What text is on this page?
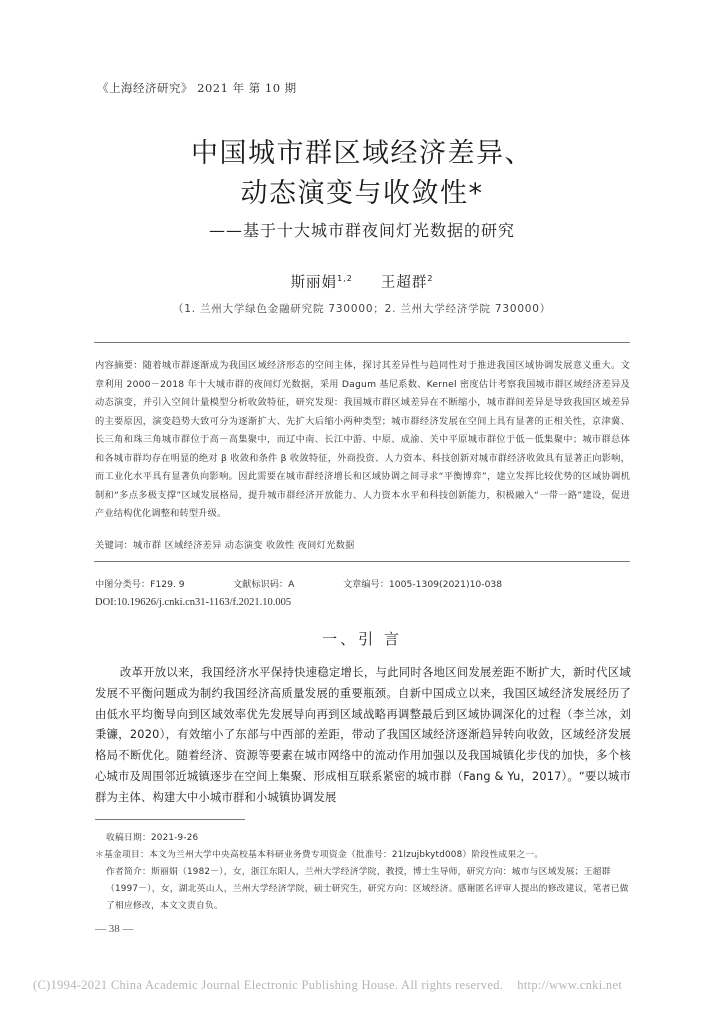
《上海经济研究》 2021 年 第 10 期
中国城市群区域经济差异、
动态演变与收敛性*
——基于十大城市群夜间灯光数据的研究
斯丽娟$^{1,2}$ 王超群$^2$
（1. 兰州大学绿色金融研究院 730000；2. 兰州大学经济学院 730000）
内容摘要：随着城市群逐渐成为我国区域经济形态的空间主体，探讨其差异性与趋同性对于推进我国区域协调发展意义重大。文章利用 2000－2018 年十大城市群的夜间灯光数据，采用 Dagum 基尼系数、Kernel 密度估计考察我国城市群区域经济差异及动态演变，并引入空间计量模型分析收敛特征，研究发现：我国城市群区域差异在不断缩小，城市群间差异是导致我国区域差异的主要原因，演变趋势大致可分为逐渐扩大、先扩大后缩小两种类型；城市群经济发展在空间上具有显著的正相关性，京津冀、长三角和珠三角城市群位于高－高集聚中，而辽中南、长江中游、中原、成渝、关中平原城市群位于低－低集聚中；城市群总体和各城市群均存在明显的绝对 β 收敛和条件 β 收敛特征，外商投资、人力资本、科技创新对城市群经济收敛具有显著正向影响，而工业化水平具有显著负向影响。因此需要在城市群经济增长和区域协调之间寻求“平衡博弈”，建立发挥比较优势的区域协调机制和“多点多极支撑”区域发展格局，提升城市群经济开放能力、人力资本水平和科技创新能力，积极融入“一带一路”建设，促进产业结构优化调整和转型升级。
关键词：城市群 区域经济差异 动态演变 收敛性 夜间灯光数据
中图分类号：F129. 9	文献标识码：A	文章编号：1005-1309(2021)10-038
DOI:10.19626/j.cnki.cn31-1163/f.2021.10.005
一、引 言

改革开放以来，我国经济水平保持快速稳定增长，与此同时各地区间发展差距不断扩大，新时代区域发展不平衡问题成为制约我国经济高质量发展的重要瓶颈。自新中国成立以来，我国区域经济发展经历了由低水平均衡导向到区域效率优先发展导向再到区域战略再调整最后到区域协调深化的过程（李兰冰，刘秉镰，2020），有效缩小了东部与中西部的差距，带动了我国区域经济逐渐趋异转向收敛，区域经济发展格局不断优化。随着经济、资源等要素在城市网络中的流动作用加强以及我国城镇化步伐的加快，多个核心城市及周围邻近城镇逐步在空间上集聚、形成相互联系紧密的城市群（Fang & Yu，2017）。“要以城市群为主体、构建大中小城市群和小城镇协调发展

收稿日期：2021-9-26
＊基金项目：本文为兰州大学中央高校基本科研业务费专项资金（批准号：21lzujbkytd008）阶段性成果之一。
作者简介：斯丽娟（1982－），女，浙江东阳人，兰州大学经济学院，教授，博士生导师，研究方向：城市与区域发展；王超群（1997－），女，湖北英山人，兰州大学经济学院，硕士研究生，研究方向：区域经济。感谢匿名评审人提出的修改建议，笔者已做了相应修改，本文文责自负。
— 38 —
(C)1994-2021 China Academic Journal Electronic Publishing House. All rights reserved. http://www.cnki.net
